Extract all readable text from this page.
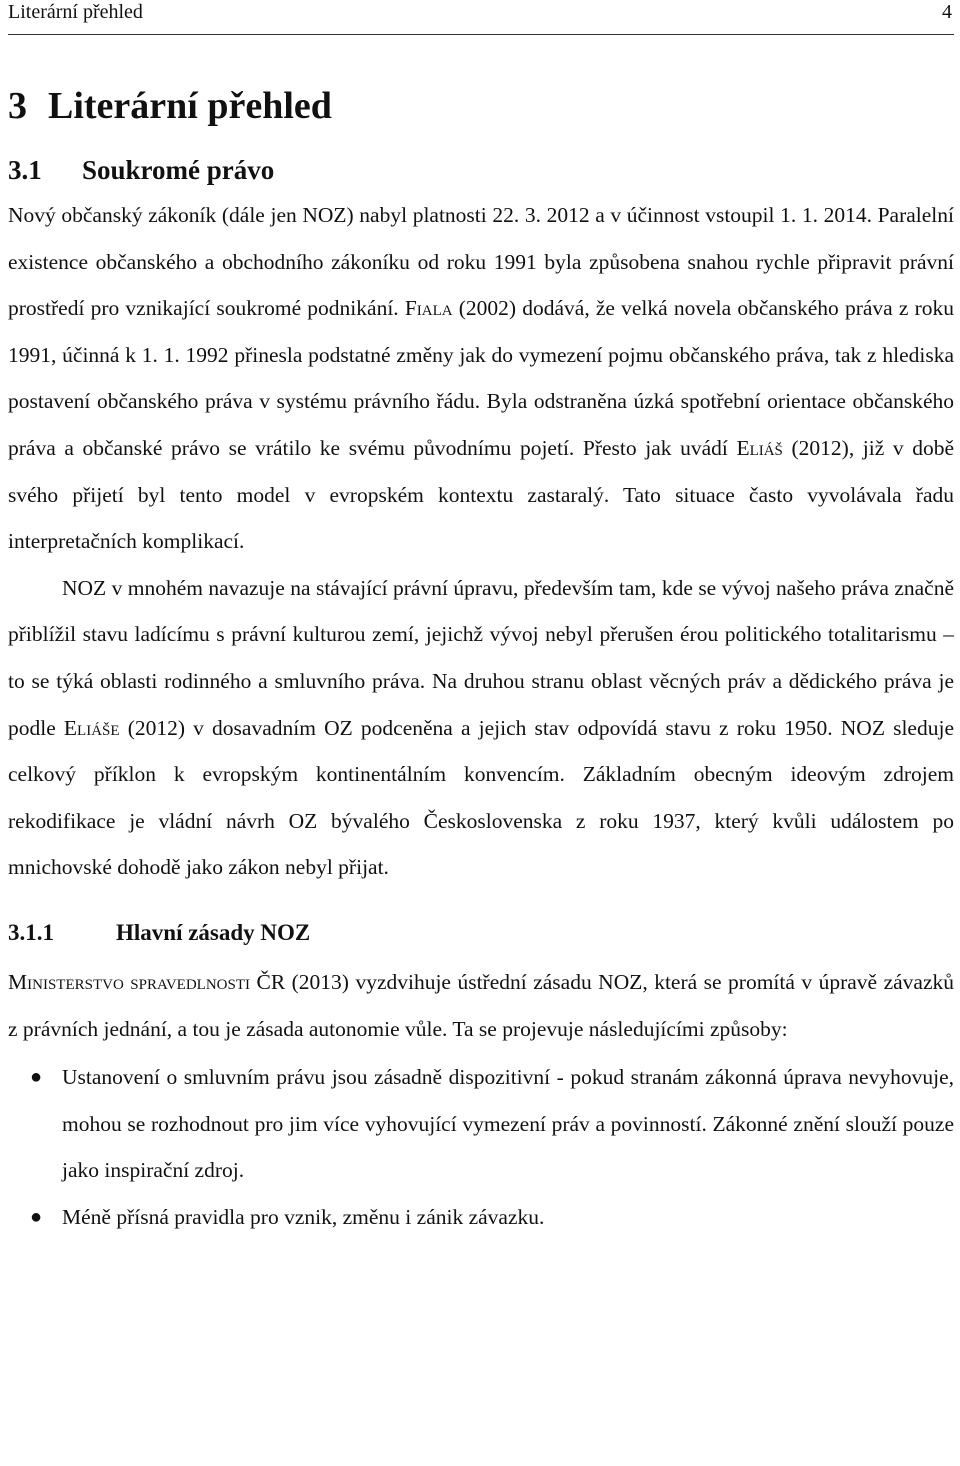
Literární přehled	4
3 Literární přehled
3.1 Soukromé právo

Nový občanský zákoník (dále jen NOZ) nabyl platnosti 22. 3. 2012 a v účinnost vstoupil 1. 1. 2014. Paralelní existence občanského a obchodního zákoníku od roku 1991 byla způsobena snahou rychle připravit právní prostředí pro vznikající soukromé podnikání. Fiala (2002) dodává, že velká novela občanského práva z roku 1991, účinná k 1. 1. 1992 přinesla podstatné změny jak do vymezení pojmu občanského práva, tak z hlediska postavení občanského práva v systému právního řádu. Byla odstraněna úzká spotřební orientace občanského práva a občanské právo se vrátilo ke svému původnímu pojetí. Přesto jak uvádí Eliáš (2012), již v době svého přijetí byl tento model v evropském kontextu zastaralý. Tato situace často vyvolávala řadu interpretačních komplikací.

NOZ v mnohém navazuje na stávající právní úpravu, především tam, kde se vývoj našeho práva značně přiblížil stavu ladícímu s právní kulturou zemí, jejichž vývoj nebyl přerušen érou politického totalitarismu – to se týká oblasti rodinného a smluvního práva. Na druhou stranu oblast věcných práv a dědického práva je podle Eliáše (2012) v dosavadním OZ podceněna a jejich stav odpovídá stavu z roku 1950. NOZ sleduje celkový příklon k evropským kontinentálním konvencím. Základním obecným ideovým zdrojem rekodifikace je vládní návrh OZ bývalého Československa z roku 1937, který kvůli událostem po mnichovské dohodě jako zákon nebyl přijat.

3.1.1	Hlavní zásady NOZ

Ministerstvo spravedlnosti ČR (2013) vyzdvihuje ústřední zásadu NOZ, která se promítá v úpravě závazků z právních jednání, a tou je zásada autonomie vůle. Ta se projevuje následujícími způsoby:

● Ustanovení o smluvním právu jsou zásadně dispozitivní - pokud stranám zákonná úprava nevyhovuje, mohou se rozhodnout pro jim více vyhovující vymezení práv a povinností. Zákonné znění slouží pouze jako inspirační zdroj.
● Méně přísná pravidla pro vznik, změnu i zánik závazku.
